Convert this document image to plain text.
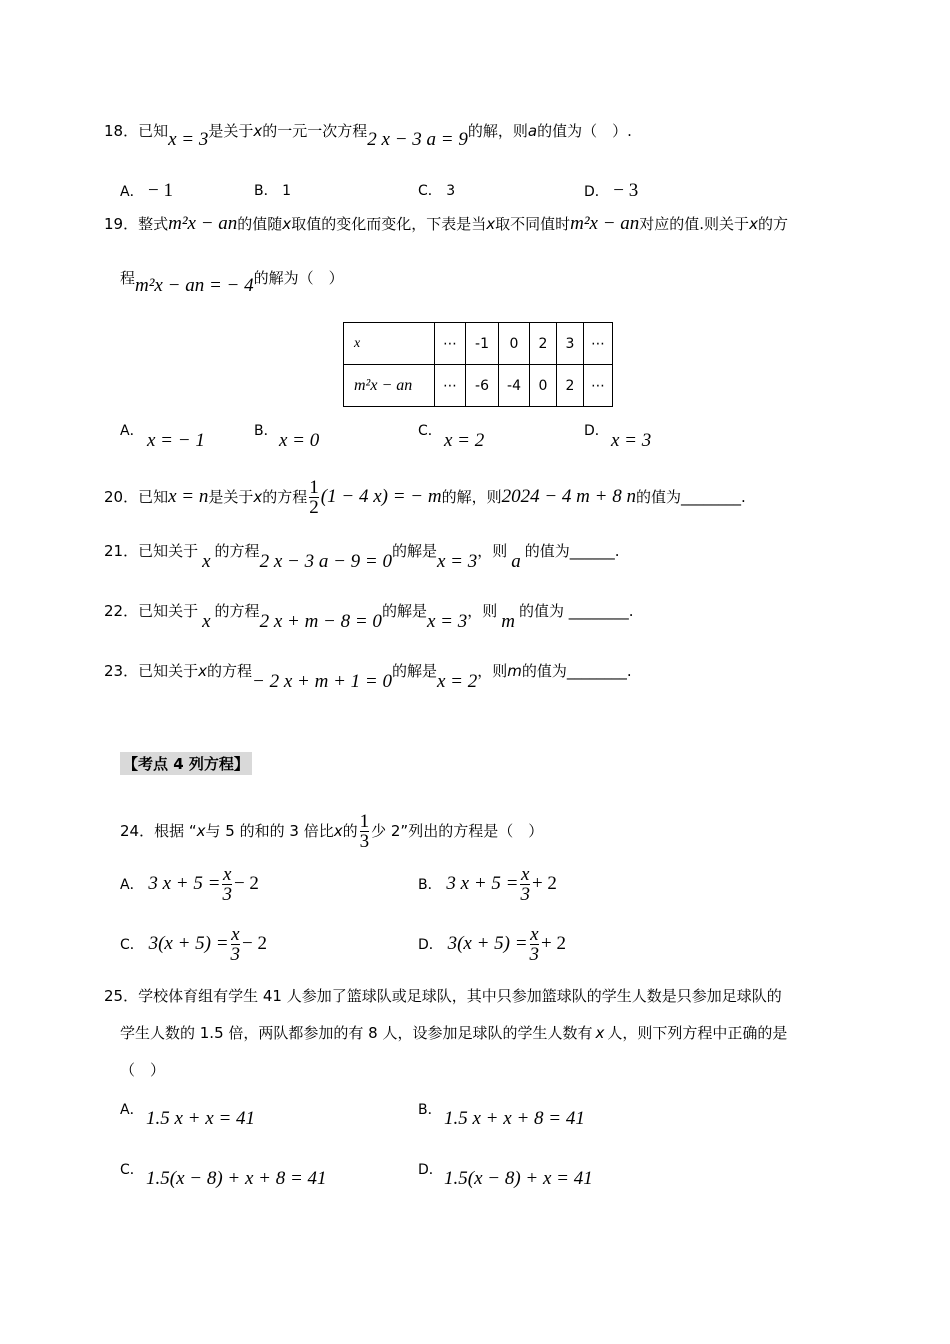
18．已知x = 3是关于x的一元一次方程2 x − 3 a = 9的解，则a的值为（　）.
A． − 1	B． 1	C． 3	D． − 3
19．整式m²x − an的值随x取值的变化而变化，下表是当x取不同值时m²x − an对应的值.则关于x的方
程m²x − an = − 4的解为（　）
x	⋯	-1	0	2	3	⋯
m²x − an	⋯	-6	-4	0	2	⋯
A． x = − 1	B． x = 0	C． x = 2	D． x = 3
20．已知x = n是关于x的方程 $\frac{1}{2} (1 - 4$ x) = − m的解，则2024 − 4 m + 8 n的值为________.
21．已知关于 x 的方程2 x − 3 a − 9 = 0的解是x = 3，则 a 的值为______.
22．已知关于 x 的方程2 x + m − 8 = 0的解是x = 3，则 m 的值为 ________.
23．已知关于x的方程− 2 x + m + 1 = 0的解是x = 2，则m的值为________.
【考点 4 列方程】
24．根据 “x与 5 的和的 3 倍比x的 $\frac{1}{3}$ 少 2”列出的方程是（　）
A． 3 $x + 5 = \frac{x}{3} - 2$	B． 3 $x + 5 = \frac{x}{3} + 2$
C． $3(x + 5) = \frac{x}{3} - 2$	D． $3(x + 5) = \frac{x}{3} + 2$
25．学校体育组有学生 41 人参加了篮球队或足球队，其中只参加篮球队的学生人数是只参加足球队的
学生人数的 1.5 倍，两队都参加的有 8 人，设参加足球队的学生人数有 x 人，则下列方程中正确的是
（　）
A． 1.5 x + x = 41	B． 1.5 x + x + 8 = 41
C． 1.5(x − 8) + x + 8 = 41	D． 1.5(x − 8) + x = 41
